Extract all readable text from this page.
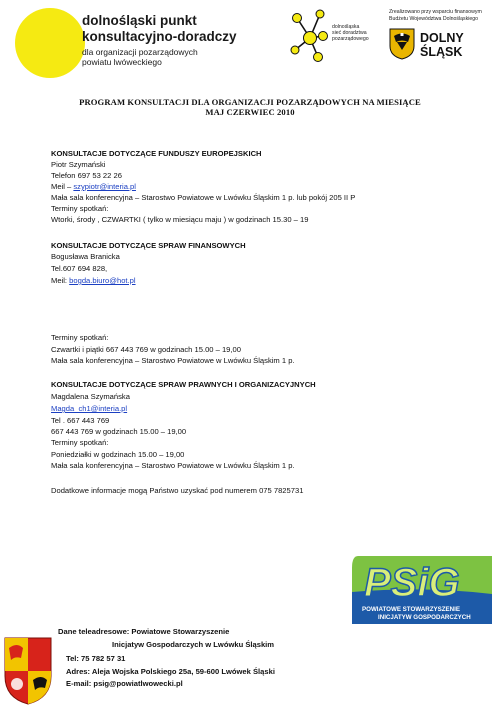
dolnośląski punkt
konsultacyjno-doradczy
dla organizacji pozarządowych
powiatu lwóweckiego
dolnośląska
sieć doradztwa
pozarządowego
Zrealizowano przy wsparciu finansowym
Budżetu Województwa Dolnośląskiego
DOLNY
ŚLĄSK
PROGRAM KONSULTACJI DLA ORGANIZACJI POZARZĄDOWYCH NA MIESIĄCE
MAJ CZERWIEC 2010
KONSULTACJE DOTYCZĄCE FUNDUSZY EUROPEJSKICH
Piotr Szymański
Telefon 697 53 22 26
Meil – szypiotr@interia.pl
Mała sala konferencyjna – Starostwo Powiatowe w Lwówku Śląskim 1 p. lub pokój 205 II P
Terminy spotkań:
Wtorki, środy , CZWARTKI ( tylko w miesiącu maju ) w godzinach 15.30 – 19
KONSULTACJE DOTYCZĄCE SPRAW FINANSOWYCH
Bogusława Branicka
Tel.607 694 828,
Meil: bogda.biuro@hot.pl
Terminy spotkań:
Czwartki i piątki 667 443 769 w godzinach 15.00 – 19,00
Mała sala konferencyjna – Starostwo Powiatowe w Lwówku Śląskim 1 p.
KONSULTACJE DOTYCZĄCE SPRAW PRAWNYCH I ORGANIZACYJNYCH
Magdalena Szymańska
Magda_ch1@interia.pl
Tel . 667 443 769
667 443 769 w godzinach 15.00 – 19,00
Terminy spotkań:
Poniedziałki w godzinach 15.00 – 19,00
Mała sala konferencyjna – Starostwo Powiatowe w Lwówku Śląskim 1 p.
Dodatkowe informacje mogą Państwo uzyskać pod numerem 075 7825731
PSiG
POWIATOWE STOWARZYSZENIE
INICJATYW GOSPODARCZYCH
Dane teleadresowe: Powiatowe Stowarzyszenie
Inicjatyw Gospodarczych w Lwówku Śląskim
Tel: 75 782 57 31
Adres: Aleja Wojska Polskiego 25a, 59-600 Lwówek Śląski
E-mail: psig@powiatlwowecki.pl
